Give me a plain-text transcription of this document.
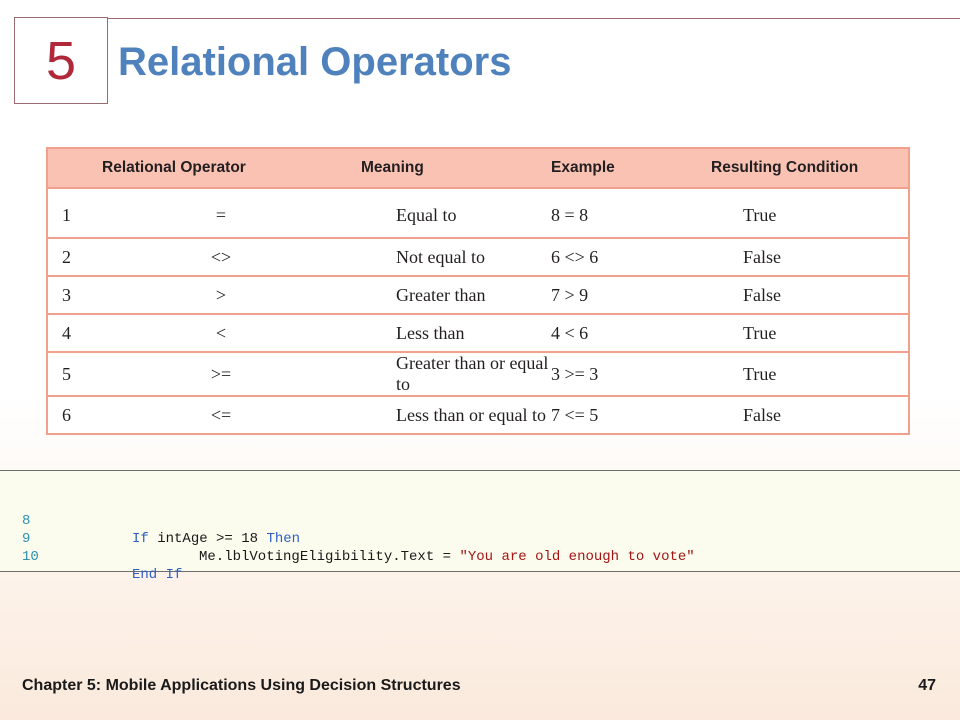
5 Relational Operators
Relational Operator		Meaning	Example	Resulting Condition
1	=	Equal to	8 = 8	True
2	<>	Not equal to	6 <> 6	False
3	>	Greater than	7 > 9	False
4	<	Less than	4 < 6	True
5	>=	Greater than or equal to	3 >= 3	True
6	<=	Less than or equal to	7 <= 5	False

8

If intAge >= 18 Then

9

Me.lblVotingEligibility.Text = "You are old enough to vote"

10

End If

Chapter 5: Mobile Applications Using Decision Structures	47
